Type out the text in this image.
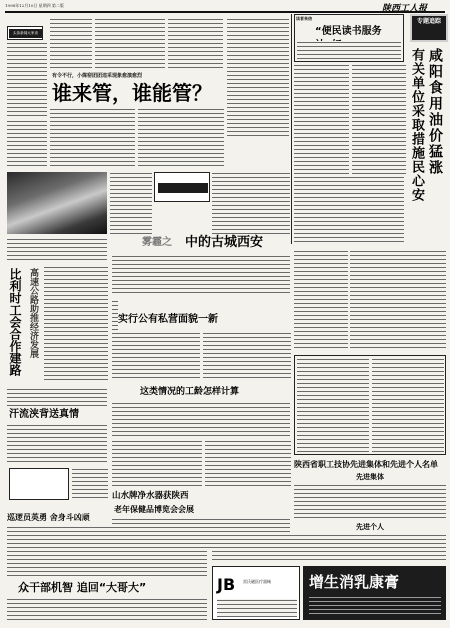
1998年12月10日 星期四 第二版	陕西工人报
头条新闻大家谈
有令不行，小煤窑团团违采现象愈演愈烈
谁来管，谁能管？
读者来信
“便民读书服务
专题追踪
咸阳食用油价猛涨
有关单位采取措施民心安
雾霾之	中的古城西安
比利时工会合作建路 高速公路助推经济发展	实行公有私营面貌一新
这类情况的工龄怎样计算
汗流浃背送真情
山水牌净水器获陕西
老年保健品博览会会展
陕西省职工技协先进集体和先进个人名单
先进集体
先进个人
巡逻员英勇 舍身斗凶顽
众干部机智 追回“大哥大”	JB	雷氏磁医疗器械	增生消乳康膏
